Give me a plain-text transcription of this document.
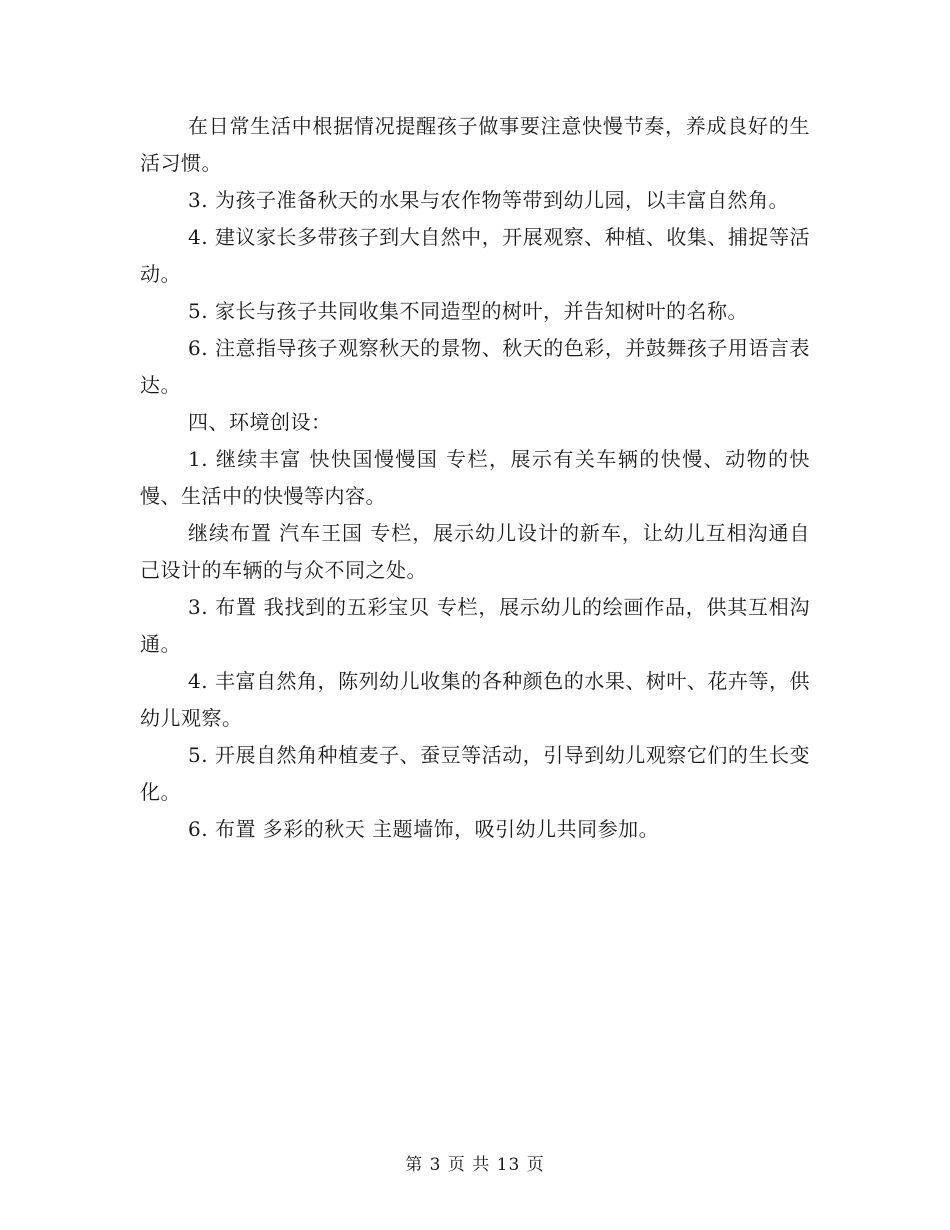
在日常生活中根据情况提醒孩子做事要注意快慢节奏，养成良好的生活习惯。

3. 为孩子准备秋天的水果与农作物等带到幼儿园，以丰富自然角。

4. 建议家长多带孩子到大自然中，开展观察、种植、收集、捕捉等活动。

5. 家长与孩子共同收集不同造型的树叶，并告知树叶的名称。

6. 注意指导孩子观察秋天的景物、秋天的色彩，并鼓舞孩子用语言表达。

四、环境创设：

1. 继续丰富 快快国慢慢国 专栏，展示有关车辆的快慢、动物的快慢、生活中的快慢等内容。

继续布置 汽车王国 专栏，展示幼儿设计的新车，让幼儿互相沟通自己设计的车辆的与众不同之处。

3. 布置 我找到的五彩宝贝 专栏，展示幼儿的绘画作品，供其互相沟通。

4. 丰富自然角，陈列幼儿收集的各种颜色的水果、树叶、花卉等，供幼儿观察。

5. 开展自然角种植麦子、蚕豆等活动，引导到幼儿观察它们的生长变化。

6. 布置 多彩的秋天 主题墙饰，吸引幼儿共同参加。

第 3 页 共 13 页
